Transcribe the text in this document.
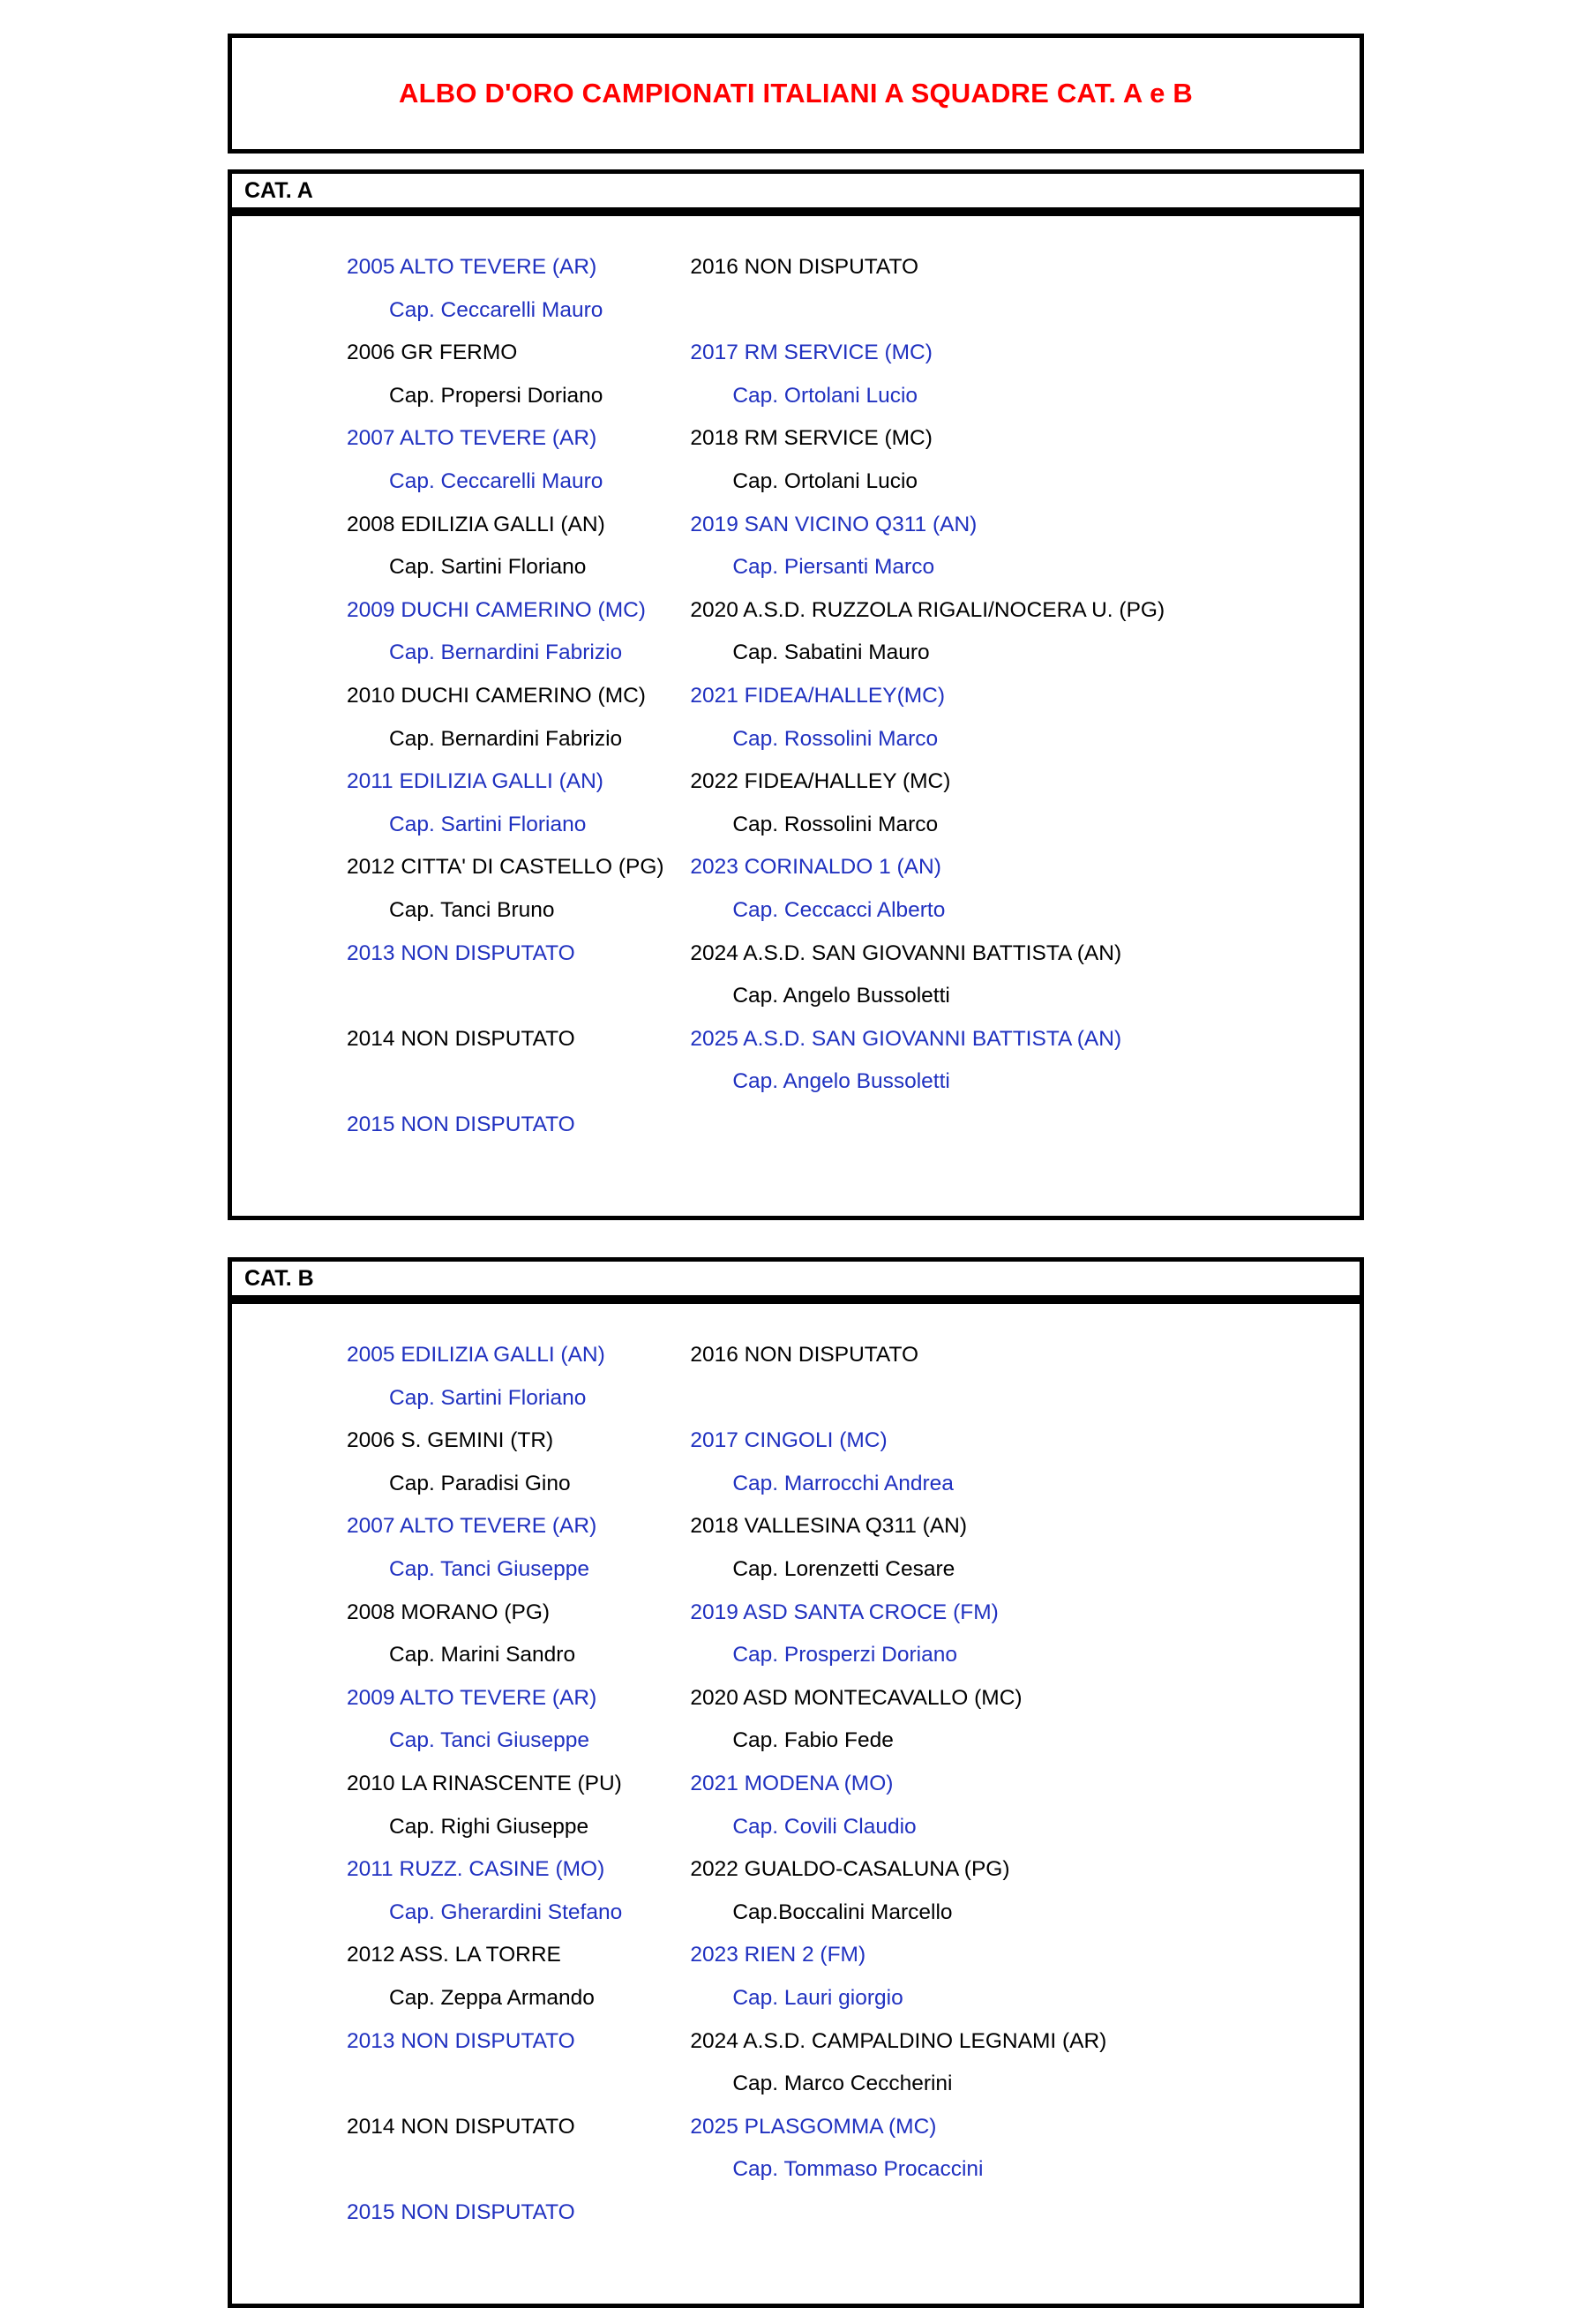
ALBO D'ORO CAMPIONATI ITALIANI A SQUADRE CAT. A e B
CAT. A
2005 ALTO TEVERE (AR)
Cap. Ceccarelli Mauro
2006 GR FERMO
Cap. Propersi Doriano
2007 ALTO TEVERE (AR)
Cap. Ceccarelli Mauro
2008 EDILIZIA GALLI (AN)
Cap. Sartini Floriano
2009 DUCHI CAMERINO (MC)
Cap. Bernardini Fabrizio
2010 DUCHI CAMERINO (MC)
Cap. Bernardini Fabrizio
2011 EDILIZIA GALLI (AN)
Cap. Sartini Floriano
2012 CITTA' DI CASTELLO (PG)
Cap. Tanci Bruno
2013 NON DISPUTATO
2014 NON DISPUTATO
2015 NON DISPUTATO
2016 NON DISPUTATO
2017 RM SERVICE (MC)
Cap. Ortolani Lucio
2018 RM SERVICE (MC)
Cap. Ortolani Lucio
2019 SAN VICINO Q311 (AN)
Cap. Piersanti Marco
2020 A.S.D. RUZZOLA RIGALI/NOCERA U. (PG)
Cap. Sabatini Mauro
2021 FIDEA/HALLEY(MC)
Cap. Rossolini Marco
2022 FIDEA/HALLEY (MC)
Cap. Rossolini Marco
2023 CORINALDO 1 (AN)
Cap. Ceccacci Alberto
2024 A.S.D. SAN GIOVANNI BATTISTA (AN)
Cap. Angelo Bussoletti
2025 A.S.D. SAN GIOVANNI BATTISTA (AN)
Cap. Angelo Bussoletti
CAT. B
2005 EDILIZIA GALLI (AN)
Cap. Sartini Floriano
2006 S. GEMINI (TR)
Cap. Paradisi Gino
2007 ALTO TEVERE (AR)
Cap. Tanci Giuseppe
2008 MORANO (PG)
Cap. Marini Sandro
2009 ALTO TEVERE (AR)
Cap. Tanci Giuseppe
2010 LA RINASCENTE (PU)
Cap. Righi Giuseppe
2011 RUZZ. CASINE (MO)
Cap. Gherardini Stefano
2012 ASS. LA TORRE
Cap. Zeppa Armando
2013 NON DISPUTATO
2014 NON DISPUTATO
2015 NON DISPUTATO
2016 NON DISPUTATO
2017 CINGOLI (MC)
Cap. Marrocchi Andrea
2018 VALLESINA Q311 (AN)
Cap. Lorenzetti Cesare
2019 ASD SANTA CROCE (FM)
Cap. Prosperzi Doriano
2020 ASD MONTECAVALLO (MC)
Cap. Fabio Fede
2021 MODENA (MO)
Cap. Covili Claudio
2022 GUALDO-CASALUNA (PG)
Cap.Boccalini Marcello
2023 RIEN 2 (FM)
Cap. Lauri giorgio
2024 A.S.D. CAMPALDINO LEGNAMI (AR)
Cap. Marco Ceccherini
2025 PLASGOMMA (MC)
Cap. Tommaso Procaccini
